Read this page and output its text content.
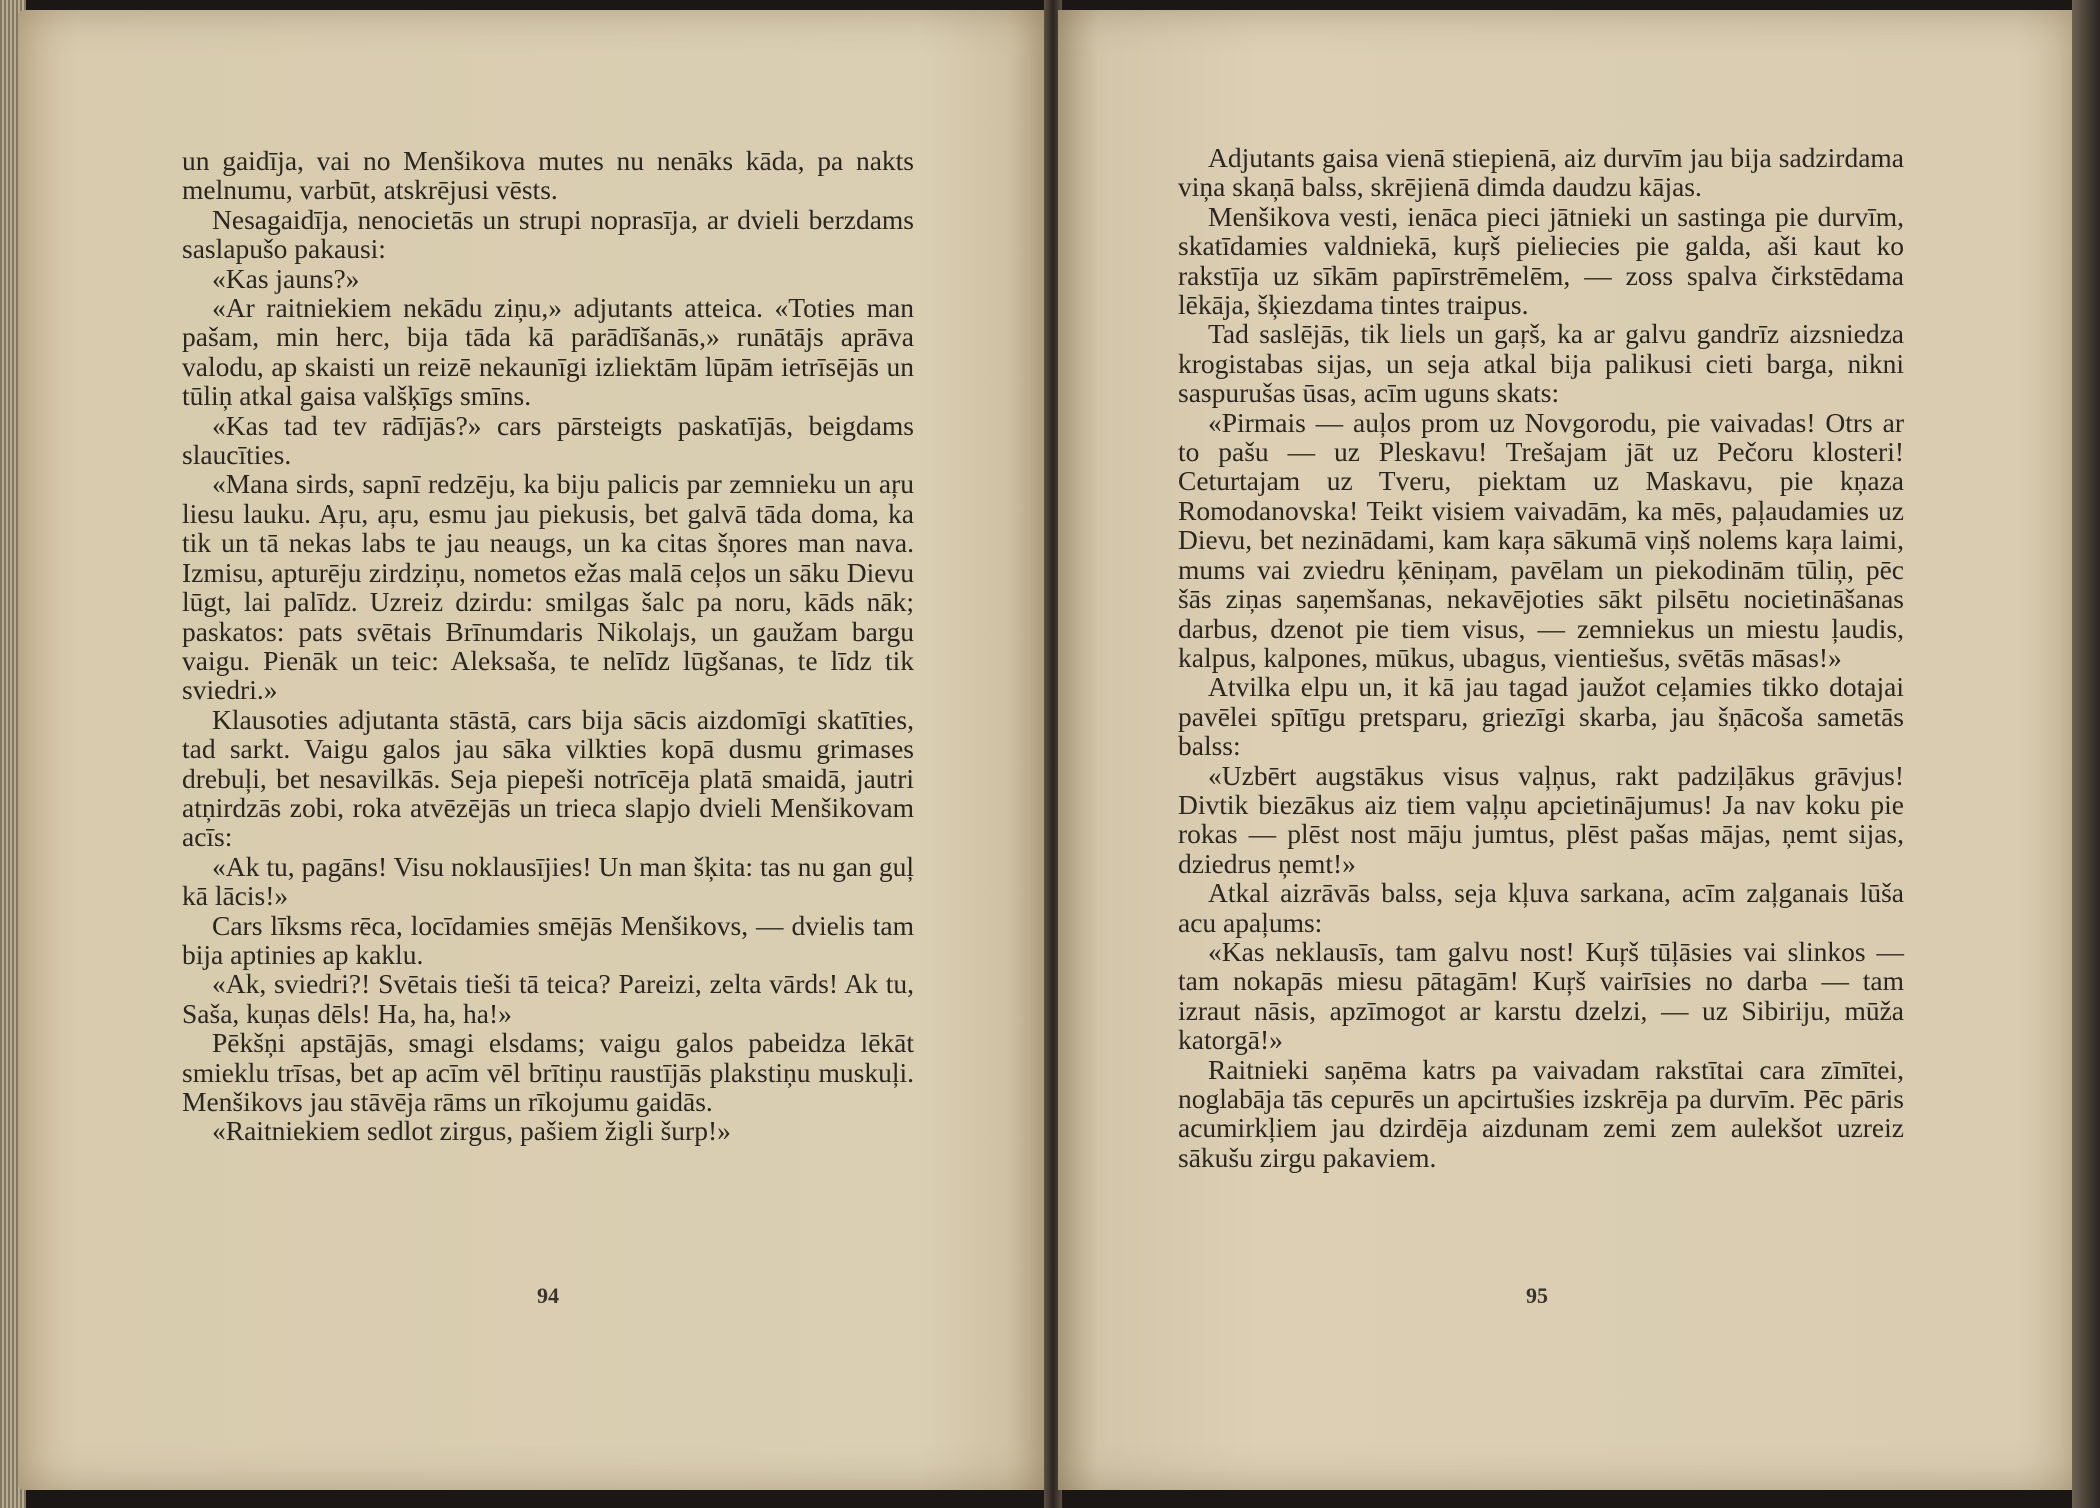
un gaidīja, vai no Menšikova mutes nu nenāks kāda, pa nakts melnumu, varbūt, atskrējusi vēsts.

Nesagaidīja, nenocietās un strupi noprasīja, ar dvieli berzdams saslapušo pakausi:

«Kas jauns?»

«Ar raitniekiem nekādu ziņu,» adjutants atteica. «Toties man pašam, min herc, bija tāda kā parādīšanās,» runātājs aprāva valodu, ap skaisti un reizē nekaunīgi izliektām lūpām ietrīsējās un tūliņ atkal gaisa valšķīgs smīns.

«Kas tad tev rādījās?» cars pārsteigts paskatījās, beigdams slaucīties.

«Mana sirds, sapnī redzēju, ka biju palicis par zemnieku un aŗu liesu lauku. Aŗu, aŗu, esmu jau piekusis, bet galvā tāda doma, ka tik un tā nekas labs te jau neaugs, un ka citas šņores man nava. Izmisu, apturēju zirdziņu, nometos ežas malā ceļos un sāku Dievu lūgt, lai palīdz. Uzreiz dzirdu: smilgas šalc pa noru, kāds nāk; paskatos: pats svētais Brīnumdaris Nikolajs, un gaužam bargu vaigu. Pienāk un teic: Aleksaša, te nelīdz lūgšanas, te līdz tik sviedri.»

Klausoties adjutanta stāstā, cars bija sācis aizdomīgi skatīties, tad sarkt. Vaigu galos jau sāka vilkties kopā dusmu grimases drebuļi, bet nesavilkās. Seja piepeši notrīcēja platā smaidā, jautri atņirdzās zobi, roka atvēzējās un trieca slapjo dvieli Menšikovam acīs:

«Ak tu, pagāns! Visu noklausījies! Un man šķita: tas nu gan guļ kā lācis!»

Cars līksms rēca, locīdamies smējās Menšikovs, — dvielis tam bija aptinies ap kaklu.

«Ak, sviedri?! Svētais tieši tā teica? Pareizi, zelta vārds! Ak tu, Saša, kuņas dēls! Ha, ha, ha!»

Pēkšņi apstājās, smagi elsdams; vaigu galos pabeidza lēkāt smieklu trīsas, bet ap acīm vēl brītiņu raustījās plakstiņu muskuļi. Menšikovs jau stāvēja rāms un rīkojumu gaidās.

«Raitniekiem sedlot zirgus, pašiem žigli šurp!»

94

Adjutants gaisa vienā stiepienā, aiz durvīm jau bija sadzirdama viņa skaņā balss, skrējienā dimda daudzu kājas.

Menšikova vesti, ienāca pieci jātnieki un sastinga pie durvīm, skatīdamies valdniekā, kuŗš pieliecies pie galda, aši kaut ko rakstīja uz sīkām papīrstrēmelēm, — zoss spalva čirkstēdama lēkāja, šķiezdama tintes traipus.

Tad saslējās, tik liels un gaŗš, ka ar galvu gandrīz aizsniedza krogistabas sijas, un seja atkal bija palikusi cieti barga, nikni saspurušas ūsas, acīm uguns skats:

«Pirmais — auļos prom uz Novgorodu, pie vaivadas! Otrs ar to pašu — uz Pleskavu! Trešajam jāt uz Pečoru klosteri! Ceturtajam uz Tveru, piektam uz Maskavu, pie kņaza Romodanovska! Teikt visiem vaivadām, ka mēs, paļaudamies uz Dievu, bet nezinādami, kam kaŗa sākumā viņš nolems kaŗa laimi, mums vai zviedru ķēniņam, pavēlam un piekodinām tūliņ, pēc šās ziņas saņemšanas, nekavējoties sākt pilsētu nocietināšanas darbus, dzenot pie tiem visus, — zemniekus un miestu ļaudis, kalpus, kalpones, mūkus, ubagus, vientiešus, svētās māsas!»

Atvilka elpu un, it kā jau tagad jaužot ceļamies tikko dotajai pavēlei spītīgu pretsparu, griezīgi skarba, jau šņācoša sametās balss:

«Uzbērt augstākus visus vaļņus, rakt padziļākus grāvjus! Divtik biezākus aiz tiem vaļņu apcietinājumus! Ja nav koku pie rokas — plēst nost māju jumtus, plēst pašas mājas, ņemt sijas, dziedrus ņemt!»

Atkal aizrāvās balss, seja kļuva sarkana, acīm zaļganais lūša acu apaļums:

«Kas neklausīs, tam galvu nost! Kuŗš tūļāsies vai slinkos — tam nokapās miesu pātagām! Kuŗš vairīsies no darba — tam izraut nāsis, apzīmogot ar karstu dzelzi, — uz Sibiriju, mūža katorgā!»

Raitnieki saņēma katrs pa vaivadam rakstītai cara zīmītei, noglabāja tās cepurēs un apcirtušies izskrēja pa durvīm. Pēc pāris acumirkļiem jau dzirdēja aizdunam zemi zem aulekšot uzreiz sākušu zirgu pakaviem.

95
